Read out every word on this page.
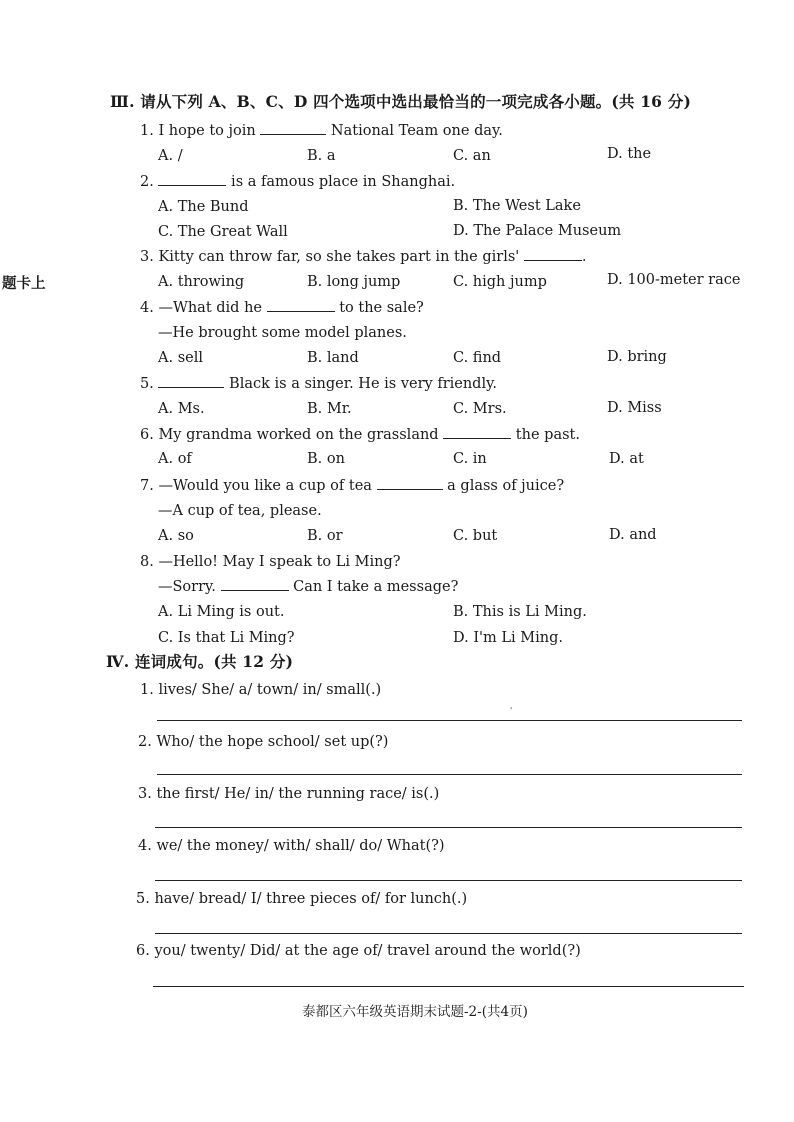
题卡上
Ⅲ. 请从下列 A、B、C、D 四个选项中选出最恰当的一项完成各小题。(共 16 分)
1. I hope to join	National Team one day.
A. /	B. a	C. an	D. the
2.	is a famous place in Shanghai.
A. The Bund	B. The West Lake
C. The Great Wall	D. The Palace Museum
3. Kitty can throw far, so she takes part in the girls'	.
A. throwing	B. long jump	C. high jump	D. 100-meter race
4. —What did he	to the sale?
—He brought some model planes.
A. sell	B. land	C. find	D. bring
5.	Black is a singer. He is very friendly.
A. Ms.	B. Mr.	C. Mrs.	D. Miss
6. My grandma worked on the grassland	the past.
A. of	B. on	C. in	D. at
7. —Would you like a cup of tea	a glass of juice?
—A cup of tea, please.
A. so	B. or	C. but	D. and
8. —Hello! May I speak to Li Ming?
—Sorry.	Can I take a message?
A. Li Ming is out.	B. This is Li Ming.
C. Is that Li Ming?	D. I'm Li Ming.
Ⅳ. 连词成句。(共 12 分)
1. lives/ She/ a/ town/ in/ small(.)
ꞌ
2. Who/ the hope school/ set up(?)
3. the first/ He/ in/ the running race/ is(.)
4. we/ the money/ with/ shall/ do/ What(?)
5. have/ bread/ I/ three pieces of/ for lunch(.)
6. you/ twenty/ Did/ at the age of/ travel around the world(?)
泰都区六年级英语期末试题-2-(共4页)
